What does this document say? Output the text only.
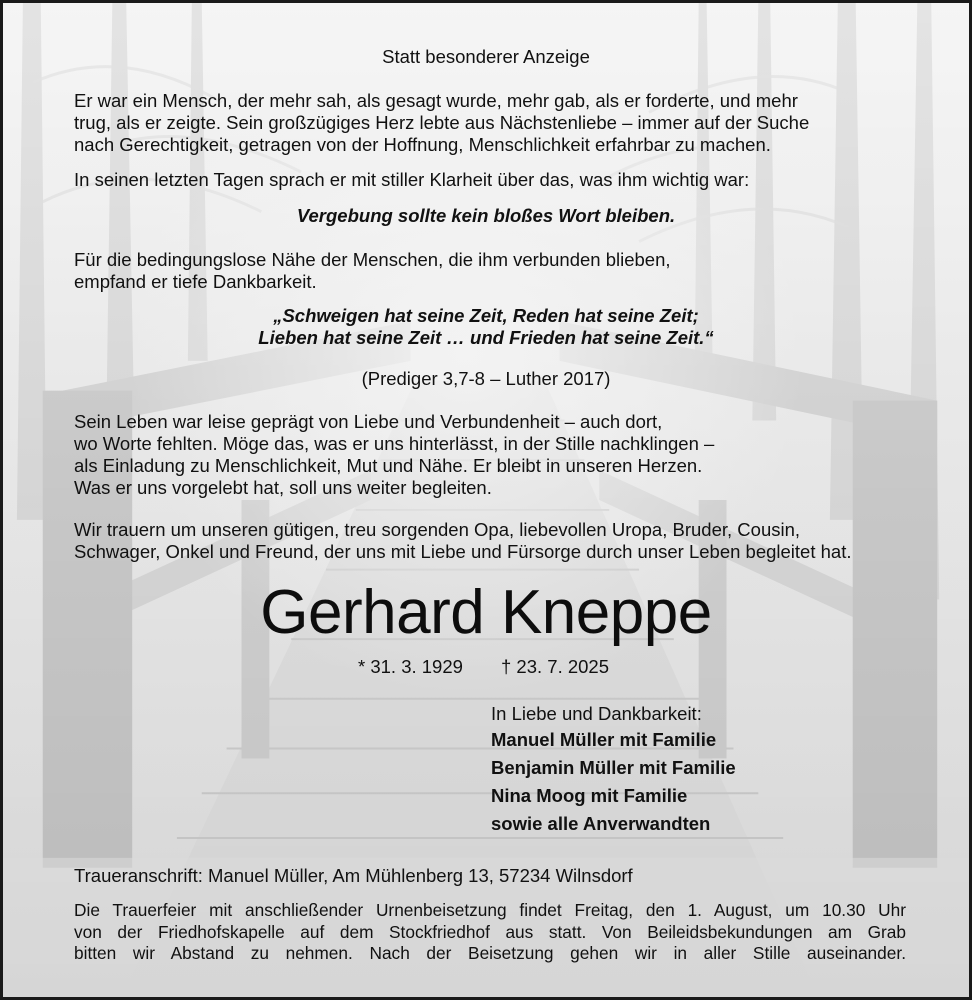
Statt besonderer Anzeige

Er war ein Mensch, der mehr sah, als gesagt wurde, mehr gab, als er forderte, und mehr

trug, als er zeigte. Sein großzügiges Herz lebte aus Nächstenliebe – immer auf der Suche

nach Gerechtigkeit, getragen von der Hoffnung, Menschlichkeit erfahrbar zu machen.

In seinen letzten Tagen sprach er mit stiller Klarheit über das, was ihm wichtig war:

Vergebung sollte kein bloßes Wort bleiben.

Für die bedingungslose Nähe der Menschen, die ihm verbunden blieben,

empfand er tiefe Dankbarkeit.

„Schweigen hat seine Zeit, Reden hat seine Zeit;

Lieben hat seine Zeit … und Frieden hat seine Zeit.“

(Prediger 3,7-8 – Luther 2017)

Sein Leben war leise geprägt von Liebe und Verbundenheit – auch dort,

wo Worte fehlten. Möge das, was er uns hinterlässt, in der Stille nachklingen –

als Einladung zu Menschlichkeit, Mut und Nähe. Er bleibt in unseren Herzen.

Was er uns vorgelebt hat, soll uns weiter begleiten.

Wir trauern um unseren gütigen, treu sorgenden Opa, liebevollen Uropa, Bruder, Cousin,

Schwager, Onkel und Freund, der uns mit Liebe und Fürsorge durch unser Leben begleitet hat.

Gerhard Kneppe

* 31. 3. 1929 † 23. 7. 2025

In Liebe und Dankbarkeit:

Manuel Müller mit Familie

Benjamin Müller mit Familie

Nina Moog mit Familie

sowie alle Anverwandten

Traueranschrift: Manuel Müller, Am Mühlenberg 13, 57234 Wilnsdorf

Die Trauerfeier mit anschließender Urnenbeisetzung findet Freitag, den 1. August, um 10.30 Uhr
von der Friedhofskapelle auf dem Stockfriedhof aus statt. Von Beileidsbekundungen am Grab
bitten wir Abstand zu nehmen. Nach der Beisetzung gehen wir in aller Stille auseinander.
